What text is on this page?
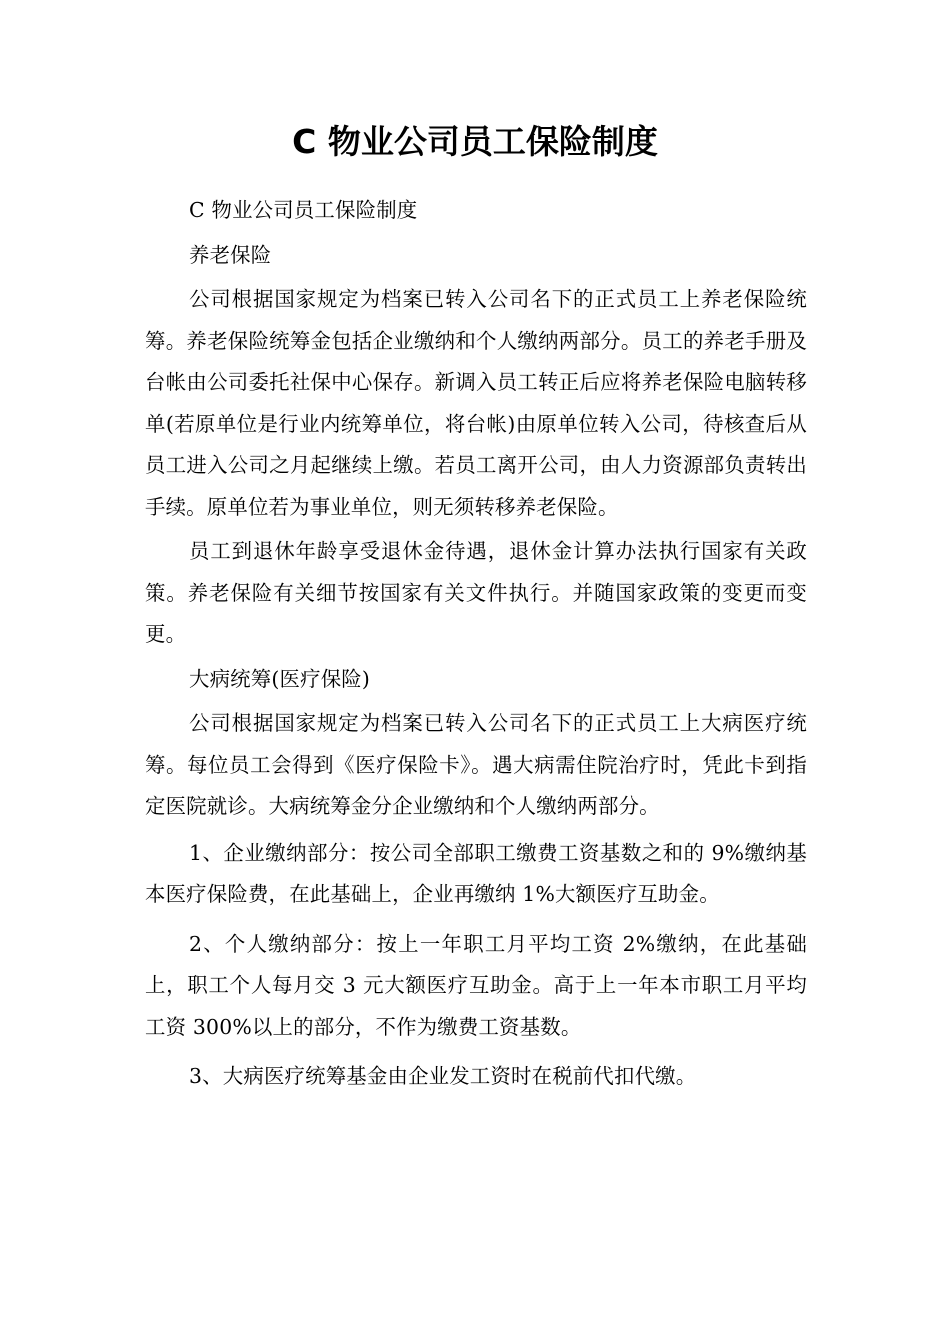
C 物业公司员工保险制度

C 物业公司员工保险制度

养老保险

公司根据国家规定为档案已转入公司名下的正式员工上养老保险统筹。养老保险统筹金包括企业缴纳和个人缴纳两部分。员工的养老手册及台帐由公司委托社保中心保存。新调入员工转正后应将养老保险电脑转移单(若原单位是行业内统筹单位，将台帐)由原单位转入公司，待核查后从员工进入公司之月起继续上缴。若员工离开公司，由人力资源部负责转出手续。原单位若为事业单位，则无须转移养老保险。

员工到退休年龄享受退休金待遇，退休金计算办法执行国家有关政策。养老保险有关细节按国家有关文件执行。并随国家政策的变更而变更。

大病统筹(医疗保险)

公司根据国家规定为档案已转入公司名下的正式员工上大病医疗统筹。每位员工会得到《医疗保险卡》。遇大病需住院治疗时，凭此卡到指定医院就诊。大病统筹金分企业缴纳和个人缴纳两部分。

1、企业缴纳部分：按公司全部职工缴费工资基数之和的 9%缴纳基本医疗保险费，在此基础上，企业再缴纳 1%大额医疗互助金。

2、个人缴纳部分：按上一年职工月平均工资 2%缴纳，在此基础上，职工个人每月交 3 元大额医疗互助金。高于上一年本市职工月平均工资 300%以上的部分，不作为缴费工资基数。

3、大病医疗统筹基金由企业发工资时在税前代扣代缴。
